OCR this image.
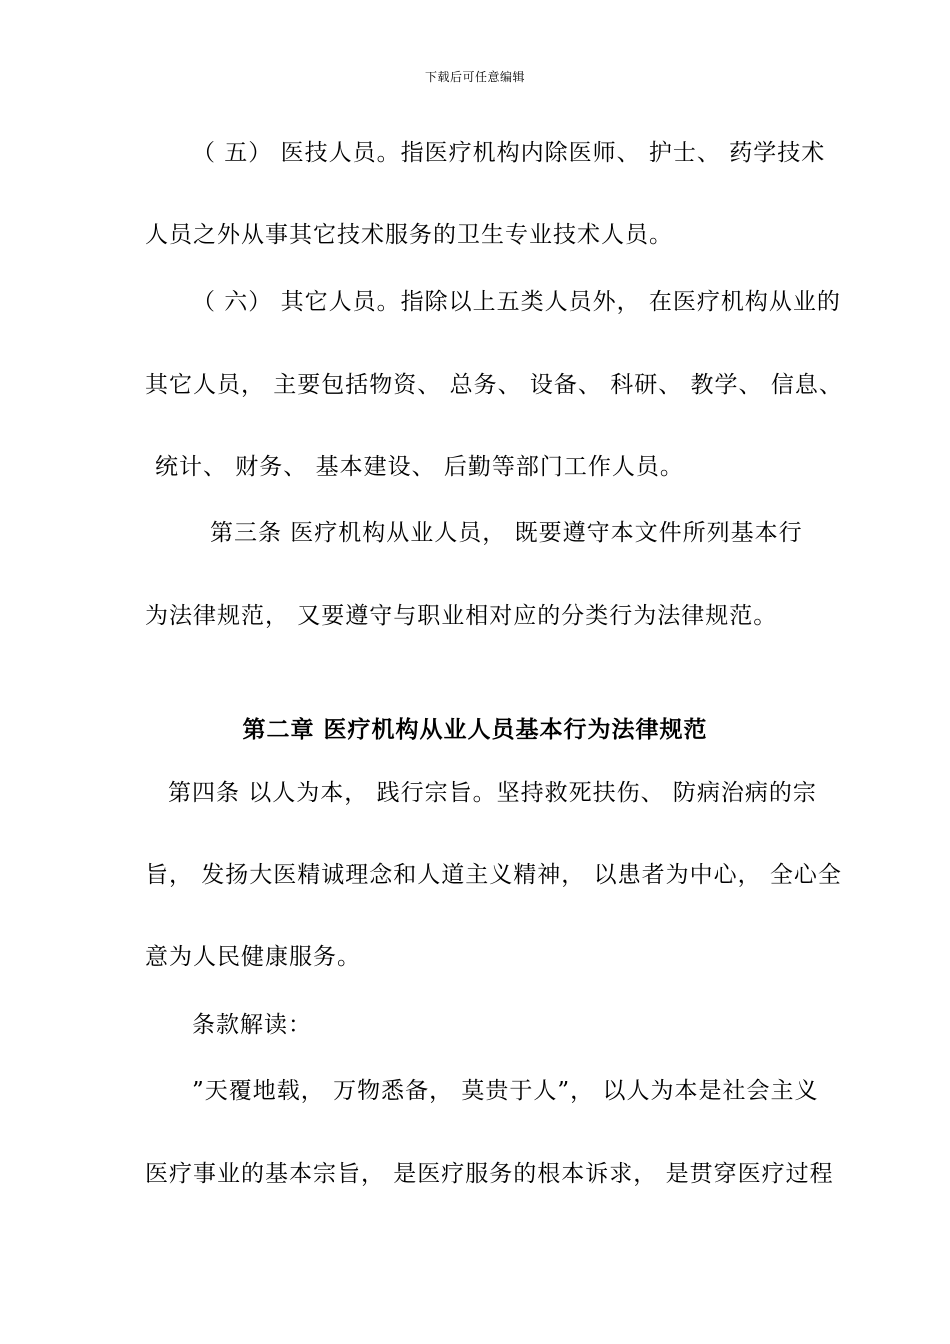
下载后可任意编辑
（ 五） 医技人员。指医疗机构内除医师、 护士、 药学技术
人员之外从事其它技术服务的卫生专业技术人员。
（ 六） 其它人员。指除以上五类人员外， 在医疗机构从业的
其它人员， 主要包括物资、 总务、 设备、 科研、 教学、 信息、
统计、 财务、 基本建设、 后勤等部门工作人员。
第三条 医疗机构从业人员， 既要遵守本文件所列基本行
为法律规范， 又要遵守与职业相对应的分类行为法律规范。
第二章 医疗机构从业人员基本行为法律规范
第四条 以人为本， 践行宗旨。坚持救死扶伤、 防病治病的宗
旨， 发扬大医精诚理念和人道主义精神， 以患者为中心， 全心全
意为人民健康服务。
条款解读：
”天覆地载， 万物悉备， 莫贵于人”， 以人为本是社会主义
医疗事业的基本宗旨， 是医疗服务的根本诉求， 是贯穿医疗过程
